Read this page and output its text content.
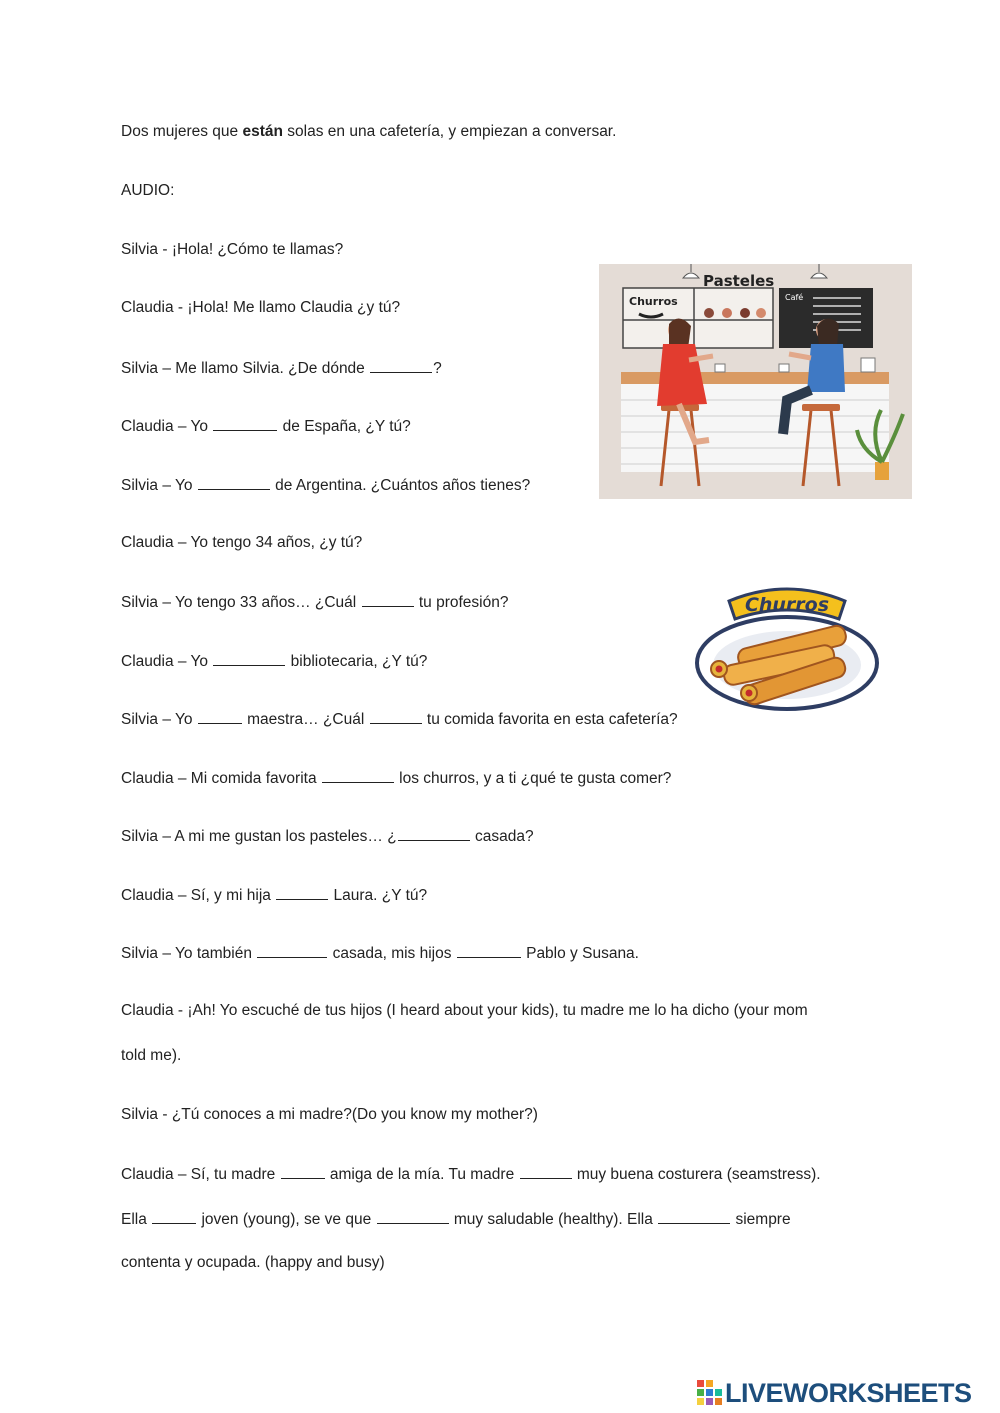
Dos mujeres que están solas en una cafetería, y empiezan a conversar.

AUDIO:

Silvia - ¡Hola! ¿Cómo te llamas?

Claudia - ¡Hola! Me llamo Claudia ¿y tú?

Silvia – Me llamo Silvia. ¿De dónde	?

Claudia – Yo	de España, ¿Y tú?

Silvia – Yo	de Argentina. ¿Cuántos años tienes?

Claudia – Yo tengo 34 años, ¿y tú?

Silvia – Yo tengo 33 años… ¿Cuál	tu profesión?

Claudia – Yo	bibliotecaria, ¿Y tú?

Silvia – Yo	maestra… ¿Cuál	tu comida favorita en esta cafetería?

Claudia – Mi comida favorita	los churros, y a ti ¿qué te gusta comer?

Silvia – A mi me gustan los pasteles… ¿	casada?

Claudia – Sí, y mi hija	Laura. ¿Y tú?

Silvia – Yo también	casada, mis hijos	Pablo y Susana.

Claudia - ¡Ah! Yo escuché de tus hijos (I heard about your kids), tu madre me lo ha dicho (your mom

told me).

Silvia - ¿Tú conoces a mi madre?(Do you know my mother?)

Claudia – Sí, tu madre	amiga de la mía. Tu madre	muy buena costurera (seamstress).

Ella	joven (young), se ve que	muy saludable (healthy). Ella	siempre

contenta y ocupada. (happy and busy)

Churros
Pasteles
Café
Churros
LIVEWORKSHEETS
